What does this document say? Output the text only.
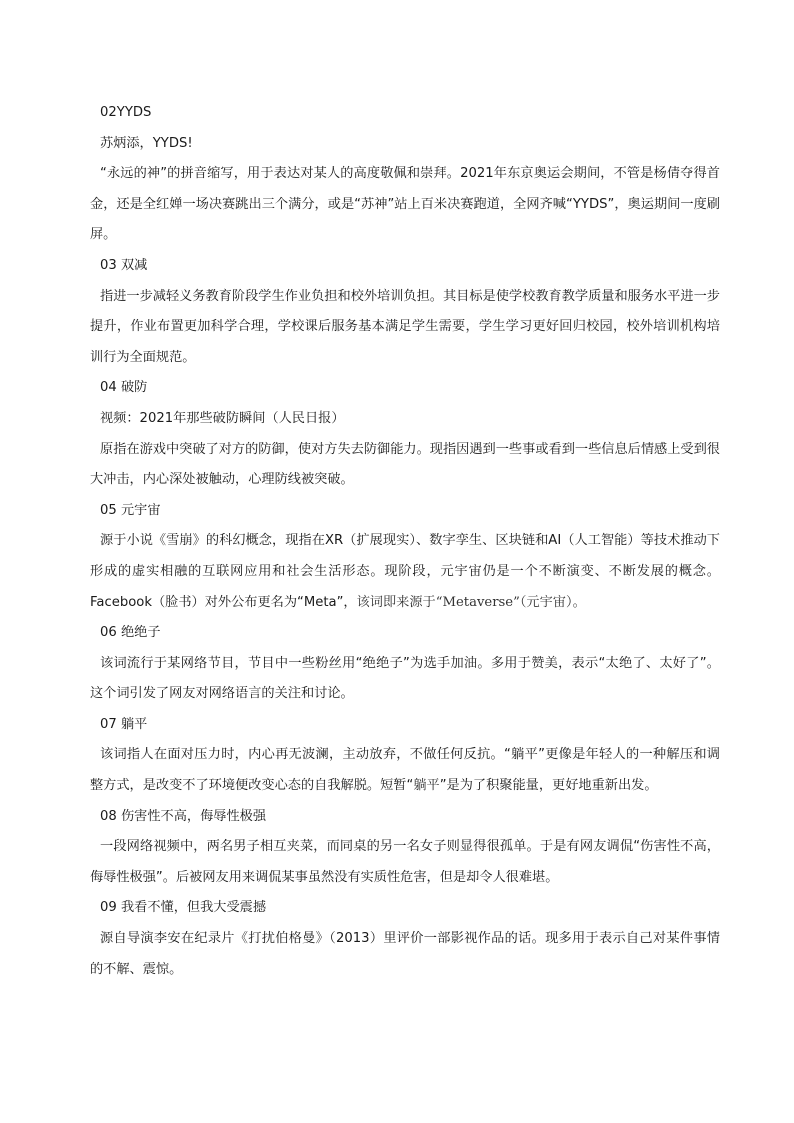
02YYDS
苏炳添，YYDS!
“永远的神”的拼音缩写，用于表达对某人的高度敬佩和崇拜。2021年东京奥运会期间，不管是杨倩夺得首金，还是全红婵一场决赛跳出三个满分，或是“苏神”站上百米决赛跑道，全网齐喊“YYDS”，奥运期间一度刷屏。
03 双减
指进一步减轻义务教育阶段学生作业负担和校外培训负担。其目标是使学校教育教学质量和服务水平进一步提升，作业布置更加科学合理，学校课后服务基本满足学生需要，学生学习更好回归校园，校外培训机构培训行为全面规范。
04 破防
视频：2021年那些破防瞬间（人民日报）
原指在游戏中突破了对方的防御，使对方失去防御能力。现指因遇到一些事或看到一些信息后情感上受到很大冲击，内心深处被触动，心理防线被突破。
05 元宇宙
源于小说《雪崩》的科幻概念，现指在XR（扩展现实）、数字孪生、区块链和AI（人工智能）等技术推动下形成的虚实相融的互联网应用和社会生活形态。现阶段，元宇宙仍是一个不断演变、不断发展的概念。Facebook（脸书）对外公布更名为“Meta”，该词即来源于“Metaverse”（元宇宙）。
06 绝绝子
该词流行于某网络节目，节目中一些粉丝用“绝绝子”为选手加油。多用于赞美，表示“太绝了、太好了”。这个词引发了网友对网络语言的关注和讨论。
07 躺平
该词指人在面对压力时，内心再无波澜，主动放弃，不做任何反抗。“躺平”更像是年轻人的一种解压和调整方式，是改变不了环境便改变心态的自我解脱。短暂“躺平”是为了积聚能量，更好地重新出发。
08 伤害性不高，侮辱性极强
一段网络视频中，两名男子相互夹菜，而同桌的另一名女子则显得很孤单。于是有网友调侃“伤害性不高，侮辱性极强”。后被网友用来调侃某事虽然没有实质性危害，但是却令人很难堪。
09 我看不懂，但我大受震撼
源自导演李安在纪录片《打扰伯格曼》（2013）里评价一部影视作品的话。现多用于表示自己对某件事情的不解、震惊。
